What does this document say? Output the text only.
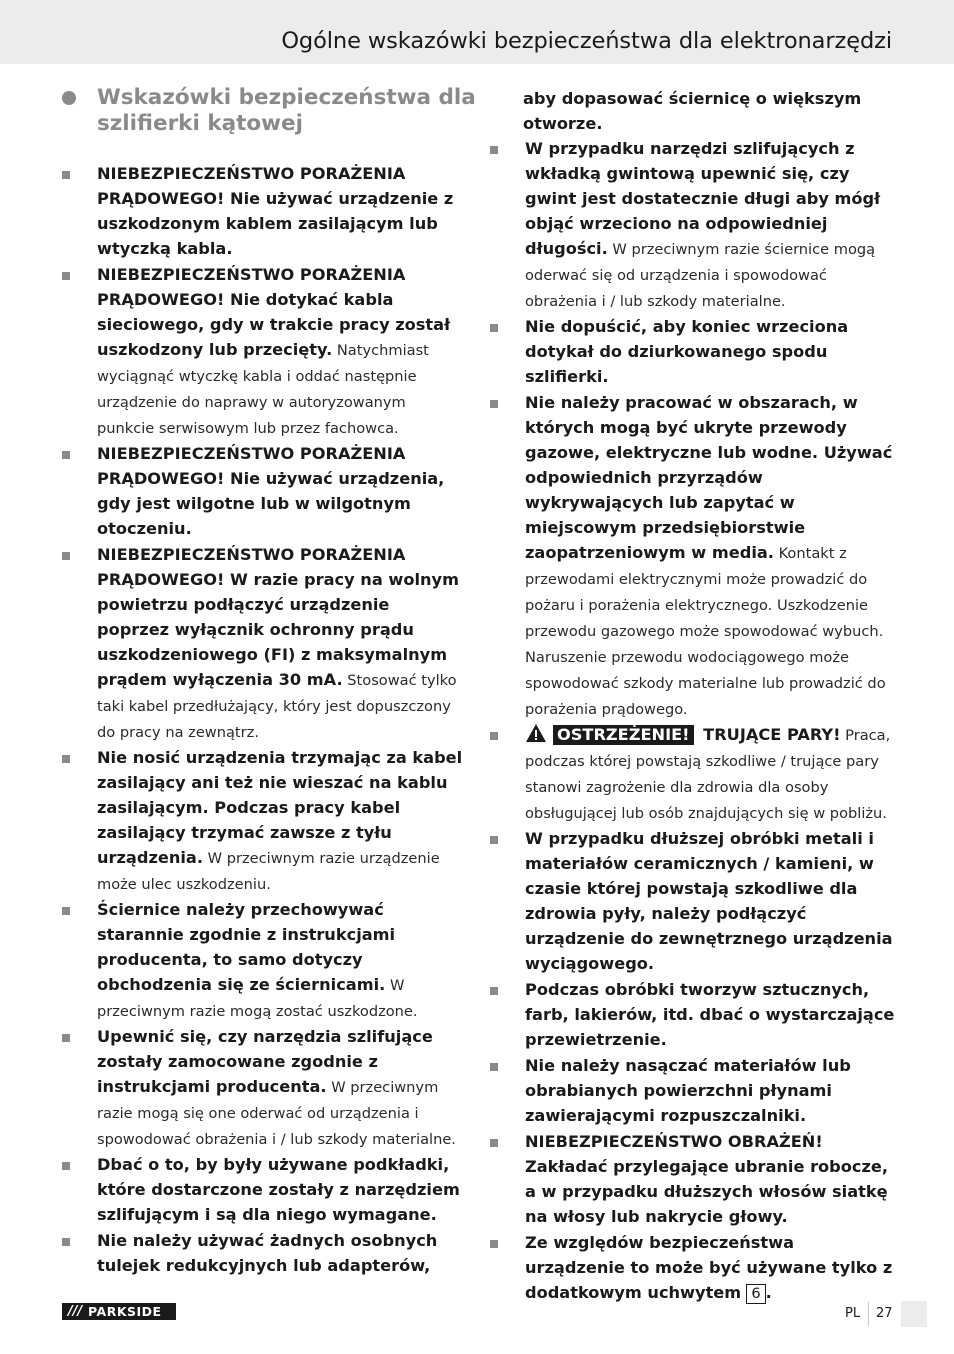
Ogólne wskazówki bezpieczeństwa dla elektronarzędzi
Wskazówki bezpieczeństwa dla szlifierki kątowej

NIEBEZPIECZEŃSTWO PORAŻENIA PRĄDOWEGO! Nie używać urządzenie z uszkodzonym kablem zasilającym lub wtyczką kabla.

NIEBEZPIECZEŃSTWO PORAŻENIA PRĄDOWEGO! Nie dotykać kabla sieciowego, gdy w trakcie pracy został uszkodzony lub przecięty. Natychmiast wyciągnąć wtyczkę kabla i oddać następnie urządzenie do naprawy w autoryzowanym punkcie serwisowym lub przez fachowca.

NIEBEZPIECZEŃSTWO PORAŻENIA PRĄDOWEGO! Nie używać urządzenia, gdy jest wilgotne lub w wilgotnym otoczeniu.

NIEBEZPIECZEŃSTWO PORAŻENIA PRĄDOWEGO! W razie pracy na wolnym powietrzu podłączyć urządzenie poprzez wyłącznik ochronny prądu uszkodzeniowego (FI) z maksymalnym prądem wyłączenia 30 mA. Stosować tylko taki kabel przedłużający, który jest dopuszczony do pracy na zewnątrz.

Nie nosić urządzenia trzymając za kabel zasilający ani też nie wieszać na kablu zasilającym. Podczas pracy kabel zasilający trzymać zawsze z tyłu urządzenia. W przeciwnym razie urządzenie może ulec uszkodzeniu.

Ściernice należy przechowywać starannie zgodnie z instrukcjami producenta, to samo dotyczy obchodzenia się ze ściernicami. W przeciwnym razie mogą zostać uszkodzone.

Upewnić się, czy narzędzia szlifujące zostały zamocowane zgodnie z instrukcjami producenta. W przeciwnym razie mogą się one oderwać od urządzenia i spowodować obrażenia i / lub szkody materialne.

Dbać o to, by były używane podkładki, które dostarczone zostały z narzędziem szlifującym i są dla niego wymagane.

Nie należy używać żadnych osobnych tulejek redukcyjnych lub adapterów,

aby dopasować ściernicę o większym otworze.

W przypadku narzędzi szlifujących z wkładką gwintową upewnić się, czy gwint jest dostatecznie długi aby mógł objąć wrzeciono na odpowiedniej długości. W przeciwnym razie ściernice mogą oderwać się od urządzenia i spowodować obrażenia i / lub szkody materialne.

Nie dopuścić, aby koniec wrzeciona dotykał do dziurkowanego spodu szlifierki.

Nie należy pracować w obszarach, w których mogą być ukryte przewody gazowe, elektryczne lub wodne. Używać odpowiednich przyrządów wykrywających lub zapytać w miejscowym przedsiębiorstwie zaopatrzeniowym w media. Kontakt z przewodami elektrycznymi może prowadzić do pożaru i porażenia elektrycznego. Uszkodzenie przewodu gazowego może spowodować wybuch. Naruszenie przewodu wodociągowego może spowodować szkody materialne lub prowadzić do porażenia prądowego.

OSTRZEŻENIE! TRUJĄCE PARY! Praca, podczas której powstają szkodliwe / trujące pary stanowi zagrożenie dla zdrowia dla osoby obsługującej lub osób znajdujących się w pobliżu.

W przypadku dłuższej obróbki metali i materiałów ceramicznych / kamieni, w czasie której powstają szkodliwe dla zdrowia pyły, należy podłączyć urządzenie do zewnętrznego urządzenia wyciągowego.

Podczas obróbki tworzyw sztucznych, farb, lakierów, itd. dbać o wystarczające przewietrzenie.

Nie należy nasączać materiałów lub obrabianych powierzchni płynami zawierającymi rozpuszczalniki.

NIEBEZPIECZEŃSTWO OBRAŻEŃ! Zakładać przylegające ubranie robocze, a w przypadku dłuższych włosów siatkę na włosy lub nakrycie głowy.

Ze względów bezpieczeństwa urządzenie to może być używane tylko z dodatkowym uchwytem 6 .

/// PARKSIDE	PL 27
